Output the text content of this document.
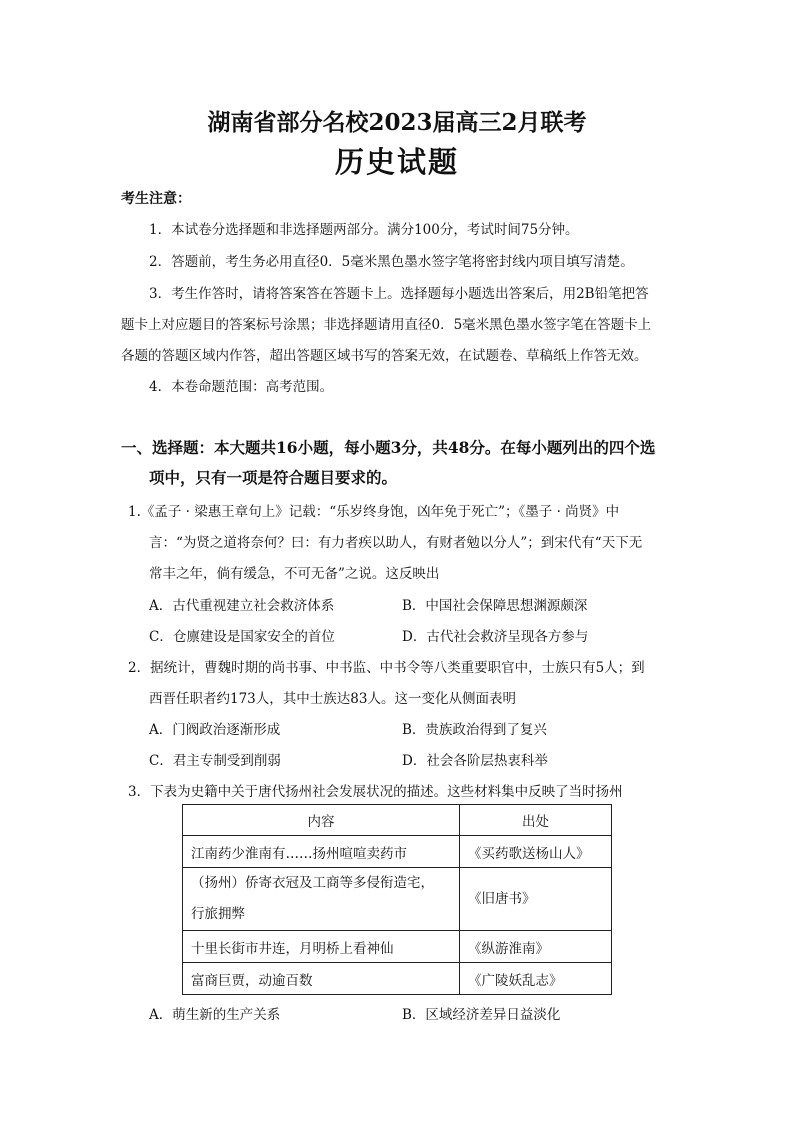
湖南省部分名校2023届高三2月联考
历史试题
考生注意：
1．本试卷分选择题和非选择题两部分。满分100分，考试时间75分钟。
2．答题前，考生务必用直径0．5毫米黑色墨水签字笔将密封线内项目填写清楚。
3．考生作答时，请将答案答在答题卡上。选择题每小题选出答案后，用2B铅笔把答
题卡上对应题目的答案标号涂黑；非选择题请用直径0．5毫米黑色墨水签字笔在答题卡上
各题的答题区域内作答，超出答题区域书写的答案无效，在试题卷、草稿纸上作答无效。
4．本卷命题范围：高考范围。
一、选择题：本大题共16小题，每小题3分，共48分。在每小题列出的四个选
项中，只有一项是符合题目要求的。
1.《孟子 · 梁惠王章句上》记载：“乐岁终身饱，凶年免于死亡”；《墨子 · 尚贤》中
言：“为贤之道将奈何？曰：有力者疾以助人，有财者勉以分人”；到宋代有“天下无
常丰之年，倘有缓急，不可无备”之说。这反映出
A．古代重视建立社会救济体系	B．中国社会保障思想渊源颇深
C．仓廪建设是国家安全的首位	D．古代社会救济呈现各方参与
2．据统计，曹魏时期的尚书事、中书监、中书令等八类重要职官中，士族只有5人；到
西晋任职者约173人，其中士族达83人。这一变化从侧面表明
A．门阀政治逐渐形成	B．贵族政治得到了复兴
C．君主专制受到削弱	D．社会各阶层热衷科举
3．下表为史籍中关于唐代扬州社会发展状况的描述。这些材料集中反映了当时扬州
内容	出处
江南药少淮南有……扬州喧喧卖药市	《买药歌送杨山人》

（扬州）侨寄衣冠及工商等多侵衔造宅，
行旅拥弊	《旧唐书》
十里长街市井连，月明桥上看神仙	《纵游淮南》
富商巨贾，动逾百数	《广陵妖乱志》
A．萌生新的生产关系	B．区域经济差异日益淡化
